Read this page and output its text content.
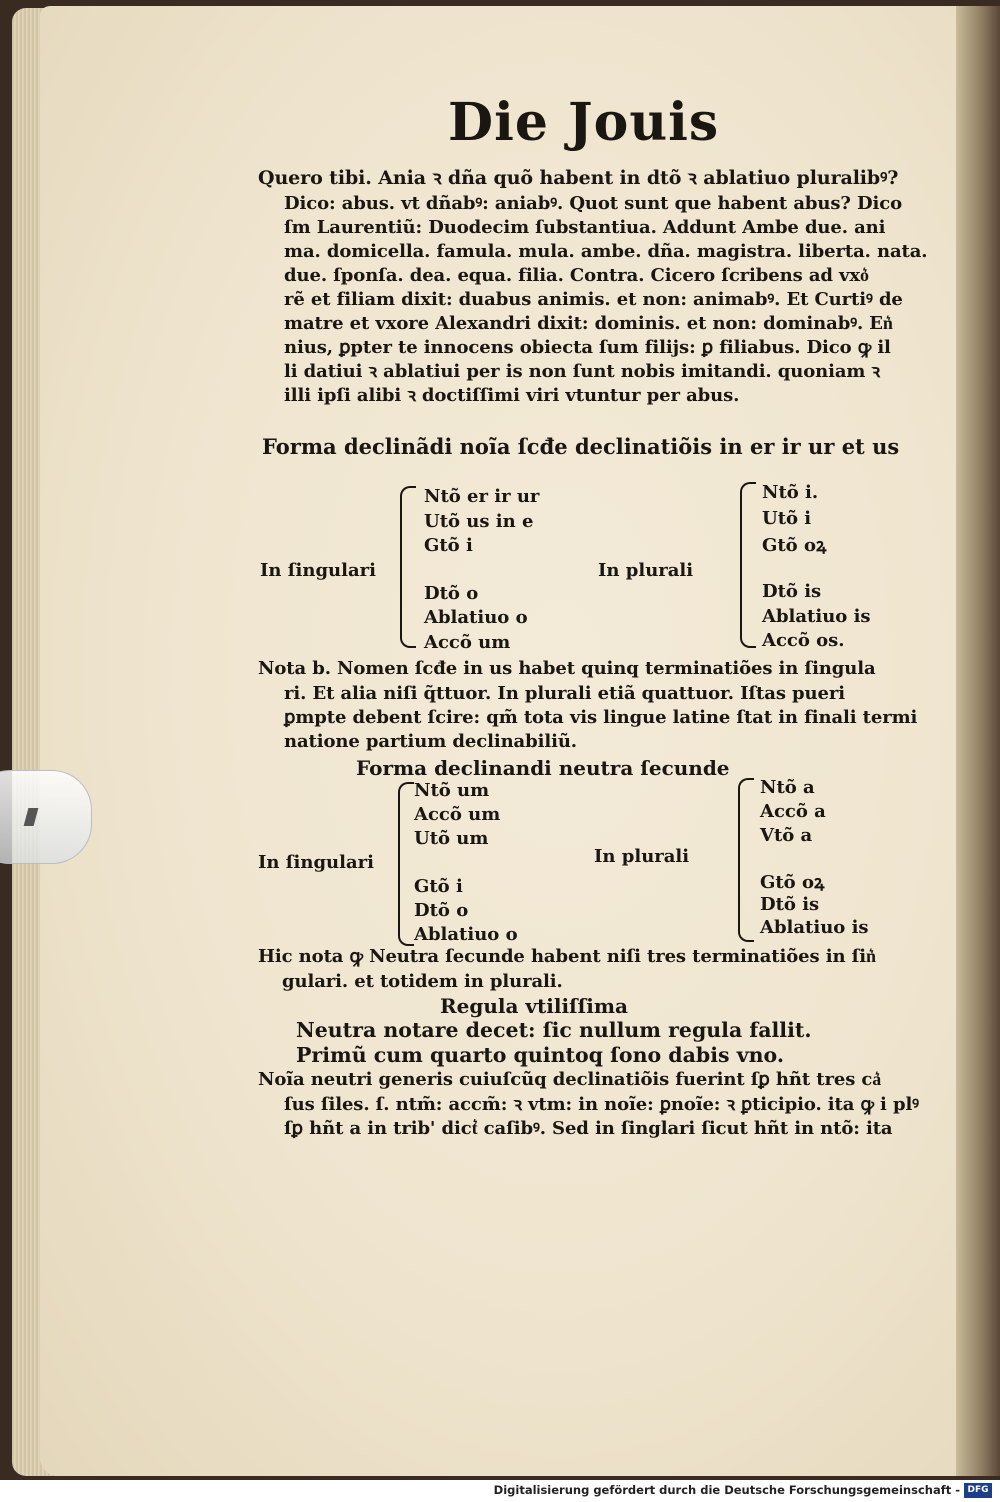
Die Jouis
Quero tibi. Ania ꝛ dña quõ habent in dtõ ꝛ ablatiuo pluralibꝰ?
Dico: abus. vt dñabꝰ: aniabꝰ. Quot sunt que habent abus? Dico
ſm Laurentiũ: Duodecim ſubstantiua. Addunt Ambe due. ani
ma. domicella. famula. mula. ambe. dña. magistra. liberta. nata.
due. ſponſa. dea. equa. filia. Contra. Cicero ſcribens ad vxo͛
rẽ et filiam dixit: duabus animis. et non: animabꝰ. Et Curtiꝰ de
matre et vxore Alexandri dixit: dominis. et non: dominabꝰ. En͛
nius, ꝑpter te innocens obiecta ſum filijs: ꝑ filiabus. Dico ꝙ il
li datiui ꝛ ablatiui per is non ſunt nobis imitandi. quoniam ꝛ
illi ipſi alibi ꝛ doctiſſimi viri vtuntur per abus.
Forma declinãdi noĩa ſcđe declinatiõis in er ir ur et us
In ſingulari
Ntõ er ir ur
Utõ us in e
Gtõ i
Dtõ o
Ablatiuo o
Accõ um
In plurali
Ntõ i.
Utõ i
Gtõ oꝝ
Dtõ is
Ablatiuo is
Accõ os.
Nota b. Nomen ſcđe in us habet quinq̧ terminatiões in ſingula
ri. Et alia niſi q̃ttuor. In plurali etiã quattuor. Iſtas pueri
ꝑmpte debent ſcire: qm̃ tota vis lingue latine ſtat in finali termi
natione partium declinabiliũ.
Forma declinandi neutra ſecunde
In ſingulari
Ntõ um
Accõ um
Utõ um
Gtõ i
Dtõ o
Ablatiuo o
In plurali
Ntõ a
Accõ a
Vtõ a
Gtõ oꝝ
Dtõ is
Ablatiuo is
Hic nota ꝙ Neutra ſecunde habent niſi tres terminatiões in ſin͛
gulari. et totidem in plurali.
Regula vtiliſſima
Neutra notare decet: ſic nullum regula fallit.
Primũ cum quarto quintoq̧ ſono dabis vno.
Noĩa neutri generis cuiuſcũq̧ declinatiõis fuerint ſꝑ hñt tres ca͛
ſus ſiles. ſ. ntm̃: accm̃: ꝛ vtm: in noĩe: ꝑnoĩe: ꝛ ꝑticipio. ita ꝙ i plꝰ
ſꝑ hñt a in trib' dict͛ caſibꝰ. Sed in ſinglari ſicut hñt in ntõ: ita
Digitalisierung gefördert durch die Deutsche Forschungsgemeinschaft - DFG
